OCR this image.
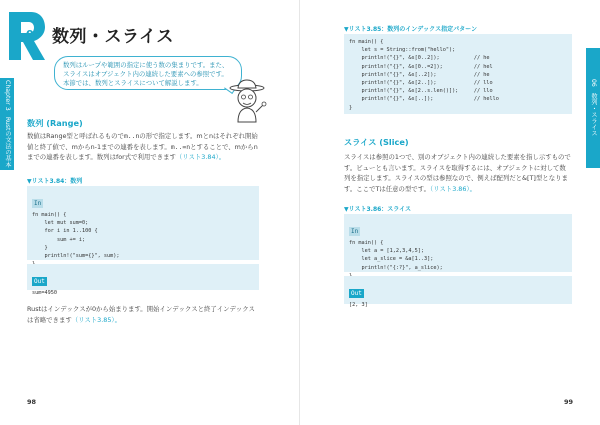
06 数列・スライス
数列はループや範囲の指定に使う数の集まりです。また、スライスはオブジェクト内の連続した要素への参照です。本節では、数列とスライスについて解説します。
Chapter 3　Rustの文法の基本	数列 (Range)
数値はRange型と呼ばれるものでm..nの形で指定します。mとnはそれぞれ開始値と終了値で、mからn-1までの連番を表します。m..=nとすることで、mからnまでの連番を表します。数列はfor式で利用できます（リスト3.84）。
▼リスト3.84：数列
In
fn main() {
let mut sum=0;
for i in 1..100 {
sum += i;
}
println!("sum={}", sum);

Out
sum=4950
Rustはインデックスが0から始まります。開始インデックスと終了インデックスは省略できます（リスト3.85）。
98
▼リスト3.85：数列のインデックス指定パターン
fn main() {
let s = String::from("hello");
println!("{}", &s[0..2]);           // he
println!("{}", &s[0..=2]);          // hel
println!("{}", &s[..2]);            // he
println!("{}", &s[2..]);            // llo
println!("{}", &s[2..s.len()]);     // llo
println!("{}", &s[..]);             // hello
}	06　数列・スライス
スライス (Slice)
スライスは参照の1つで、別のオブジェクト内の連続した要素を指し示すものです。ビューとも言います。スライスを取得するには、オブジェクトに対して数列を指定します。スライスの型は参照なので、例えば配列だと&[T]型となります。ここでTは任意の型です。（リスト3.86）。
▼リスト3.86：スライス
In
fn main() {
let a = [1,2,3,4,5];
let a_slice = &a[1..3];
println!("{:?}", a_slice);

Out
[2, 3]
99
